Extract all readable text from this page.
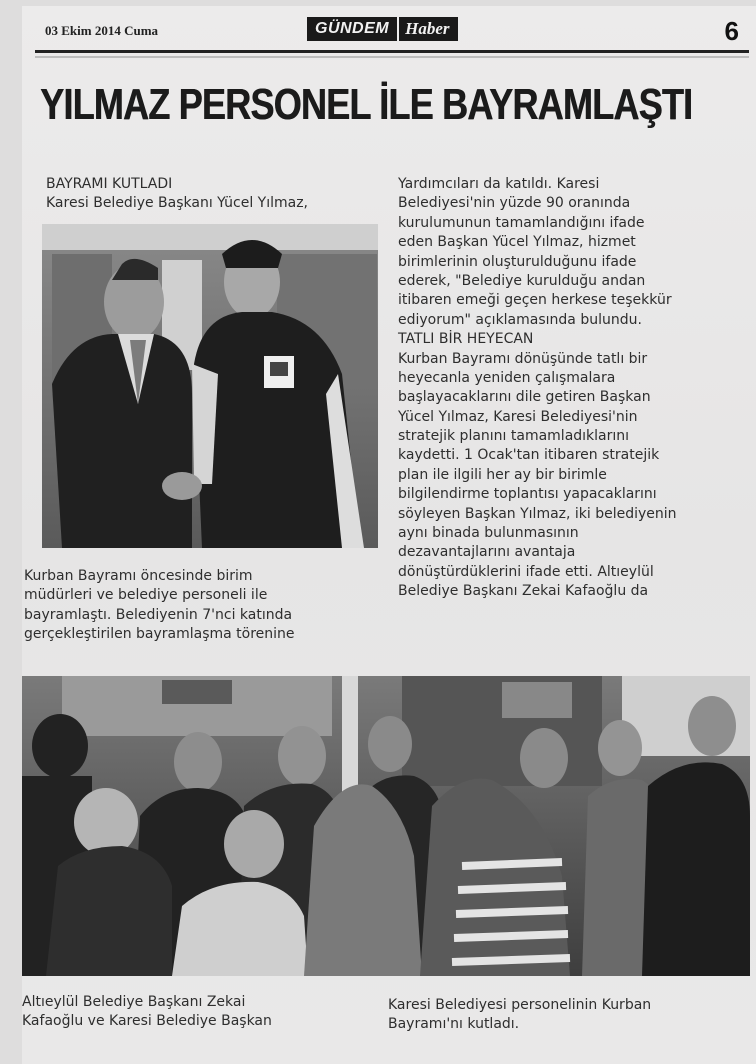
03 Ekim 2014 Cuma	GÜNDEM Haber	6
YILMAZ PERSONEL İLE BAYRAMLAŞTI
BAYRAMI KUTLADI
Karesi Belediye Başkanı Yücel Yılmaz,
Kurban Bayramı öncesinde birim
müdürleri ve belediye personeli ile
bayramlaştı. Belediyenin 7'nci katında
gerçekleştirilen bayramlaşma törenine
Yardımcıları da katıldı. Karesi
Belediyesi'nin yüzde 90 oranında
kurulumunun tamamlandığını ifade
eden Başkan Yücel Yılmaz, hizmet
birimlerinin oluşturulduğunu ifade
ederek, "Belediye kurulduğu andan
itibaren emeği geçen herkese teşekkür
ediyorum" açıklamasında bulundu.
TATLI BİR HEYECAN
Kurban Bayramı dönüşünde tatlı bir
heyecanla yeniden çalışmalara
başlayacaklarını dile getiren Başkan
Yücel Yılmaz, Karesi Belediyesi'nin
stratejik planını tamamladıklarını
kaydetti. 1 Ocak'tan itibaren stratejik
plan ile ilgili her ay bir birimle
bilgilendirme toplantısı yapacaklarını
söyleyen Başkan Yılmaz, iki belediyenin
aynı binada bulunmasının
dezavantajlarını avantaja
dönüştürdüklerini ifade etti. Altıeylül
Belediye Başkanı Zekai Kafaoğlu da
Altıeylül Belediye Başkanı Zekai
Kafaoğlu ve Karesi Belediye Başkan
Karesi Belediyesi personelinin Kurban
Bayramı'nı kutladı.
